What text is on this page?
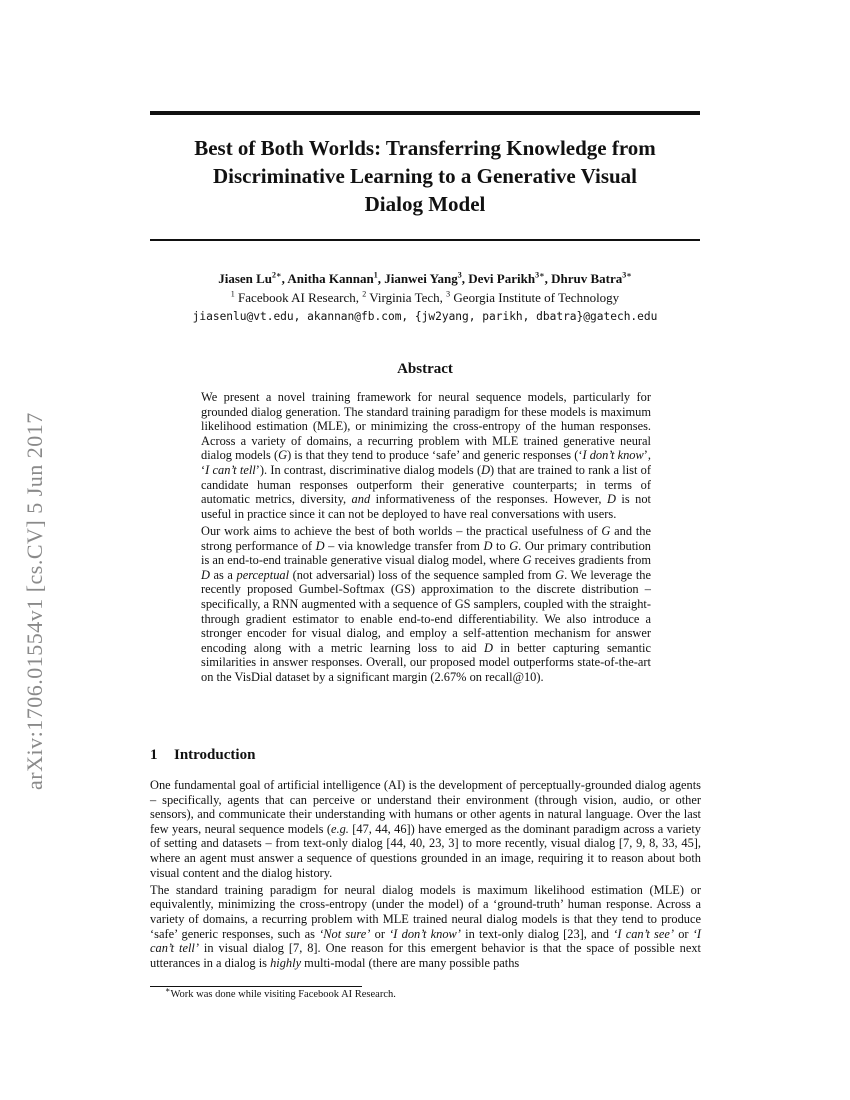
arXiv:1706.01554v1 [cs.CV] 5 Jun 2017
Best of Both Worlds: Transferring Knowledge from
Discriminative Learning to a Generative Visual
Dialog Model
Jiasen $Lu^{2∗}$, Anitha Kannan$^1$, Jianwei Yang$^3$, Devi Parikh$^{3∗}$, Dhruv Batra$^{3∗}$
$^1$ Facebook AI Research, $^2$ Virginia Tech, $^3$ Georgia Institute of Technology
jiasenlu@vt.edu, akannan@fb.com, {jw2yang, parikh, dbatra}@gatech.edu
Abstract

We present a novel training framework for neural sequence models, particularly for grounded dialog generation. The standard training paradigm for these models is maximum likelihood estimation (MLE), or minimizing the cross-entropy of the human responses. Across a variety of domains, a recurring problem with MLE trained generative neural dialog models (G) is that they tend to produce ‘safe’ and generic responses (‘I don’t know’, ‘I can’t tell’). In contrast, discriminative dialog models (D) that are trained to rank a list of candidate human responses outperform their generative counterparts; in terms of automatic metrics, diversity, and informativeness of the responses. However, D is not useful in practice since it can not be deployed to have real conversations with users.

Our work aims to achieve the best of both worlds – the practical usefulness of G and the strong performance of D – via knowledge transfer from D to G. Our primary contribution is an end-to-end trainable generative visual dialog model, where G receives gradients from D as a perceptual (not adversarial) loss of the sequence sampled from G. We leverage the recently proposed Gumbel-Softmax (GS) approximation to the discrete distribution – specifically, a RNN augmented with a sequence of GS samplers, coupled with the straight-through gradient estimator to enable end-to-end differentiability. We also introduce a stronger encoder for visual dialog, and employ a self-attention mechanism for answer encoding along with a metric learning loss to aid D in better capturing semantic similarities in answer responses. Overall, our proposed model outperforms state-of-the-art on the VisDial dataset by a significant margin (2.67% on recall@10).

1 Introduction

One fundamental goal of artificial intelligence (AI) is the development of perceptually-grounded dialog agents – specifically, agents that can perceive or understand their environment (through vision, audio, or other sensors), and communicate their understanding with humans or other agents in natural language. Over the last few years, neural sequence models (e.g. [47, 44, 46]) have emerged as the dominant paradigm across a variety of setting and datasets – from text-only dialog [44, 40, 23, 3] to more recently, visual dialog [7, 9, 8, 33, 45], where an agent must answer a sequence of questions grounded in an image, requiring it to reason about both visual content and the dialog history.

The standard training paradigm for neural dialog models is maximum likelihood estimation (MLE) or equivalently, minimizing the cross-entropy (under the model) of a ‘ground-truth’ human response. Across a variety of domains, a recurring problem with MLE trained neural dialog models is that they tend to produce ‘safe’ generic responses, such as ‘Not sure’ or ‘I don’t know’ in text-only dialog [23], and ‘I can’t see’ or ‘I can’t tell’ in visual dialog [7, 8]. One reason for this emergent behavior is that the space of possible next utterances in a dialog is highly multi-modal (there are many possible paths

∗Work was done while visiting Facebook AI Research.
